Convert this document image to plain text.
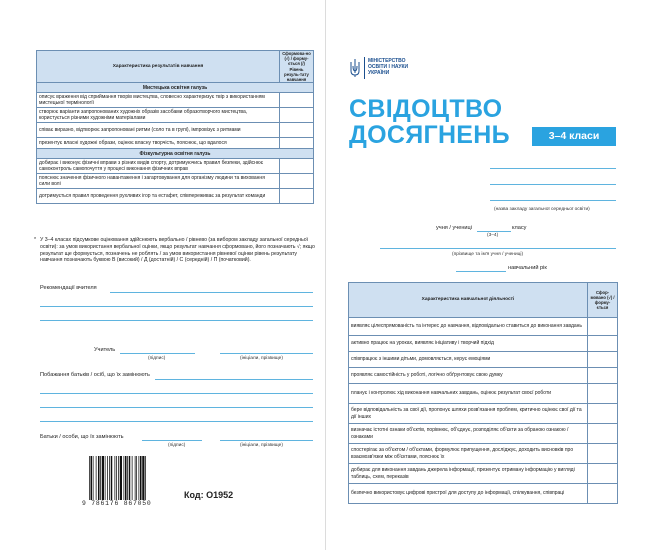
Характеристика результатів навчання	Сформова-но (√) / форму-ється (/) Рівень резуль-тату навчання
Мистецька освітня галузь	
описує враження від сприймання творів мистецтва, словесно характеризує твір з використанням мистецької термінології	
створює варіанти запропонованих художніх образів засобами образотворчого мистецтва, користується різними художніми матеріалами	
співає виразно, відтворює запропоновані ритми (соло та в групі), імпровізує з ритмами	
презентує власні художні образи, оцінює власну творчість, пояснює, що вдалося	
Фізкультурна освітня галузь	
добирає і виконує фізичні вправи з різних видів спорту, дотримуючись правил безпеки, здійснює самоконтроль самопочуття у процесі виконання фізичних вправ	
пояснює значення фізичного навантаження і загартовування для організму людини та виховання сили волі	
дотримується правил проведення рухливих ігор та естафет, співпереживає за результат команди	
* У 3–4 класах підсумкове оцінювання здійснюють вербально / рівнево (за вибором закладу загальної середньої освіти): за умов використання вербальної оцінки, якщо результат навчання сформовано, його позначають √; якщо результат ще формується, позначень не роблять / за умов використання рівневої оцінки рівень результату навчання позначають буквою В (високий) / Д (достатній) / С (середній) / П (початковий).
Рекомендації вчителя
Учитель
(підпис)	(ініціали, прізвище)
Побажання батьків / осіб, що їх замінюють
Батьки / особи, що їх замінюють
(підпис)	(ініціали, прізвище)
9 786176 867050
Код: О1952
МІНІСТЕРСТВО
ОСВІТИ І НАУКИ
УКРАЇНИ
СВІДОЦТВО
ДОСЯГНЕНЬ	3–4 класи
(назва закладу загальної середньої освіти)
учня / учениці	класу
(3–4)
(прізвище та ім'я учня / учениці)
навчальний рік
Характеристика навчальної діяльності	Сфор-мовано (√) / форму-ється
виявляє цілеспрямованість та інтерес до навчання, відповідально ставиться до виконання завдань	
активно працює на уроках, виявляє ініціативу і творчий підхід	
співпрацює з іншими дітьми, домовляється, керує емоціями	
проявляє самостійність у роботі, логічно обґрунтовує свою думку	
планує і контролює хід виконання навчальних завдань, оцінює результат своєї роботи	
бере відповідальність за свої дії, пропонує шляхи розв'язання проблем, критично оцінює свої дії та дії інших	
визначає істотні ознаки об'єктів, порівнює, об'єднує, розподіляє об'єкти за обраною ознакою / ознаками	
спостерігає за об'єктом / об'єктами, формулює припущення, досліджує, доходить висновків про взаємозв'язки між об'єктами, пояснює їх	
добирає для виконання завдань джерела інформації, презентує отриману інформацію у вигляді таблиць, схем, переказів	
безпечно використовує цифрові пристрої для доступу до інформації, спілкування, співпраці	
